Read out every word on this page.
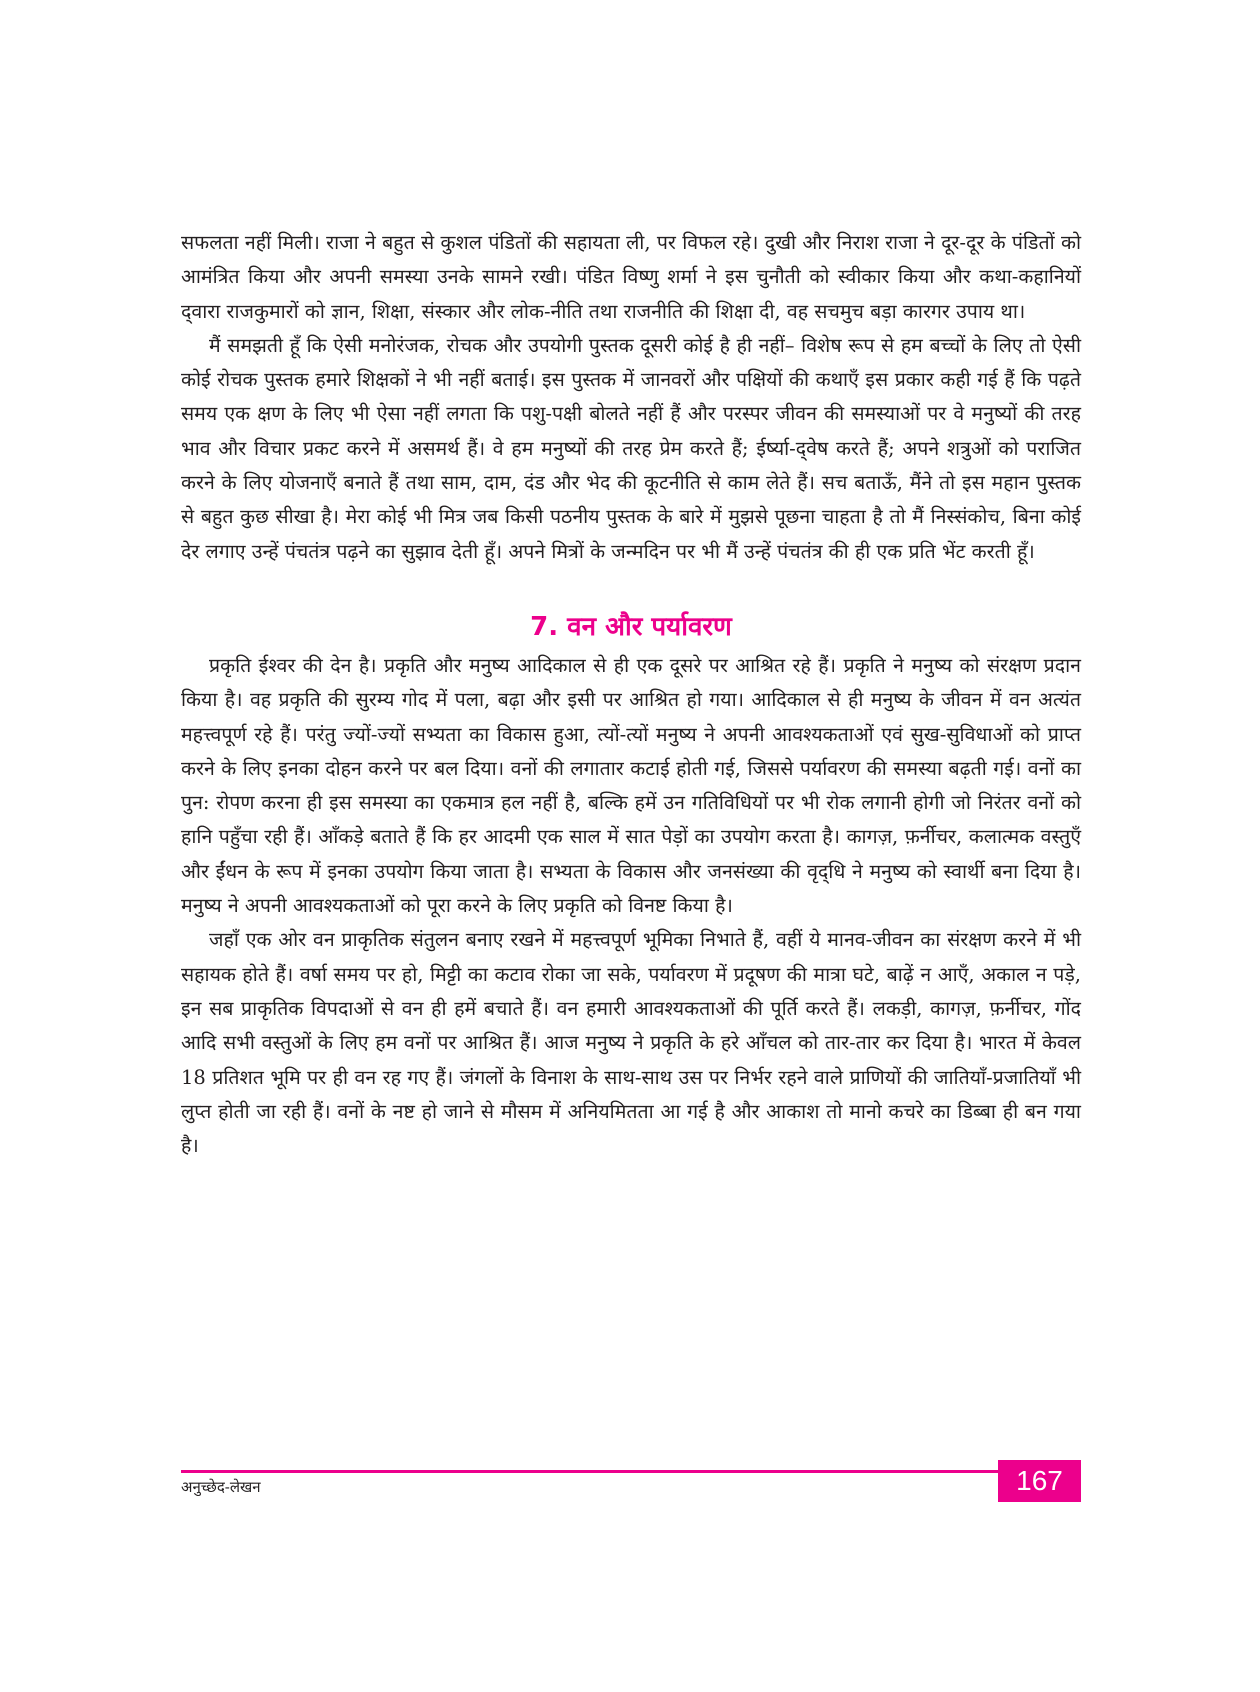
सफलता नहीं मिली। राजा ने बहुत से कुशल पंडितों की सहायता ली, पर विफल रहे। दुखी और निराश राजा ने दूर-दूर के पंडितों को आमंत्रित किया और अपनी समस्या उनके सामने रखी। पंडित विष्णु शर्मा ने इस चुनौती को स्वीकार किया और कथा-कहानियों द्‌वारा राजकुमारों को ज्ञान, शिक्षा, संस्कार और लोक-नीति तथा राजनीति की शिक्षा दी, वह सचमुच बड़ा कारगर उपाय था।

मैं समझती हूँ कि ऐसी मनोरंजक, रोचक और उपयोगी पुस्तक दूसरी कोई है ही नहीं– विशेष रूप से हम बच्चों के लिए तो ऐसी कोई रोचक पुस्तक हमारे शिक्षकों ने भी नहीं बताई। इस पुस्तक में जानवरों और पक्षियों की कथाएँ इस प्रकार कही गई हैं कि पढ़ते समय एक क्षण के लिए भी ऐसा नहीं लगता कि पशु-पक्षी बोलते नहीं हैं और परस्पर जीवन की समस्याओं पर वे मनुष्यों की तरह भाव और विचार प्रकट करने में असमर्थ हैं। वे हम मनुष्यों की तरह प्रेम करते हैं; ईर्ष्या-द्‌वेष करते हैं; अपने शत्रुओं को पराजित करने के लिए योजनाएँ बनाते हैं तथा साम, दाम, दंड और भेद की कूटनीति से काम लेते हैं। सच बताऊँ, मैंने तो इस महान पुस्तक से बहुत कुछ सीखा है। मेरा कोई भी मित्र जब किसी पठनीय पुस्तक के बारे में मुझसे पूछना चाहता है तो मैं निस्संकोच, बिना कोई देर लगाए उन्हें पंचतंत्र पढ़ने का सुझाव देती हूँ। अपने मित्रों के जन्मदिन पर भी मैं उन्हें पंचतंत्र की ही एक प्रति भेंट करती हूँ।

7. वन और पर्यावरण

प्रकृति ईश्वर की देन है। प्रकृति और मनुष्य आदिकाल से ही एक दूसरे पर आश्रित रहे हैं। प्रकृति ने मनुष्य को संरक्षण प्रदान किया है। वह प्रकृति की सुरम्य गोद में पला, बढ़ा और इसी पर आश्रित हो गया। आदिकाल से ही मनुष्य के जीवन में वन अत्यंत महत्त्वपूर्ण रहे हैं। परंतु ज्यों-ज्यों सभ्यता का विकास हुआ, त्यों-त्यों मनुष्य ने अपनी आवश्यकताओं एवं सुख-सुविधाओं को प्राप्त करने के लिए इनका दोहन करने पर बल दिया। वनों की लगातार कटाई होती गई, जिससे पर्यावरण की समस्या बढ़ती गई। वनों का पुन: रोपण करना ही इस समस्या का एकमात्र हल नहीं है, बल्कि हमें उन गतिविधियों पर भी रोक लगानी होगी जो निरंतर वनों को हानि पहुँचा रही हैं। आँकड़े बताते हैं कि हर आदमी एक साल में सात पेड़ों का उपयोग करता है। कागज़, फ़र्नीचर, कलात्मक वस्तुएँ और ईंधन के रूप में इनका उपयोग किया जाता है। सभ्यता के विकास और जनसंख्या की वृद्‌धि ने मनुष्य को स्वार्थी बना दिया है। मनुष्य ने अपनी आवश्यकताओं को पूरा करने के लिए प्रकृति को विनष्ट किया है।

जहाँ एक ओर वन प्राकृतिक संतुलन बनाए रखने में महत्त्वपूर्ण भूमिका निभाते हैं, वहीं ये मानव-जीवन का संरक्षण करने में भी सहायक होते हैं। वर्षा समय पर हो, मिट्टी का कटाव रोका जा सके, पर्यावरण में प्रदूषण की मात्रा घटे, बाढ़ें न आएँ, अकाल न पड़े, इन सब प्राकृतिक विपदाओं से वन ही हमें बचाते हैं। वन हमारी आवश्यकताओं की पूर्ति करते हैं। लकड़ी, कागज़, फ़र्नीचर, गोंद आदि सभी वस्तुओं के लिए हम वनों पर आश्रित हैं। आज मनुष्य ने प्रकृति के हरे आँचल को तार-तार कर दिया है। भारत में केवल 18 प्रतिशत भूमि पर ही वन रह गए हैं। जंगलों के विनाश के साथ-साथ उस पर निर्भर रहने वाले प्राणियों की जातियाँ-प्रजातियाँ भी लुप्त होती जा रही हैं। वनों के नष्ट हो जाने से मौसम में अनियमितता आ गई है और आकाश तो मानो कचरे का डिब्बा ही बन गया है।

अनुच्छेद-लेखन	167
